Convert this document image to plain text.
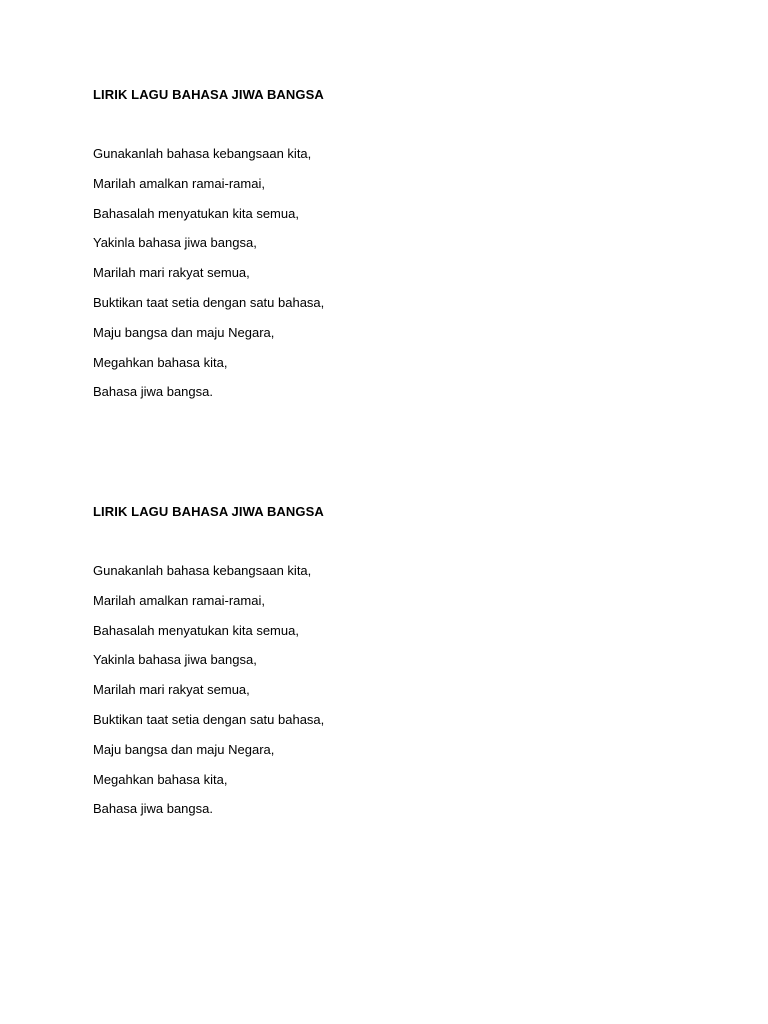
LIRIK LAGU BAHASA JIWA BANGSA
Gunakanlah bahasa kebangsaan kita,
Marilah amalkan ramai-ramai,
Bahasalah menyatukan kita semua,
Yakinla bahasa jiwa bangsa,
Marilah mari rakyat semua,
Buktikan taat setia dengan satu bahasa,
Maju bangsa dan maju Negara,
Megahkan bahasa kita,
Bahasa jiwa bangsa.
LIRIK LAGU BAHASA JIWA BANGSA
Gunakanlah bahasa kebangsaan kita,
Marilah amalkan ramai-ramai,
Bahasalah menyatukan kita semua,
Yakinla bahasa jiwa bangsa,
Marilah mari rakyat semua,
Buktikan taat setia dengan satu bahasa,
Maju bangsa dan maju Negara,
Megahkan bahasa kita,
Bahasa jiwa bangsa.
